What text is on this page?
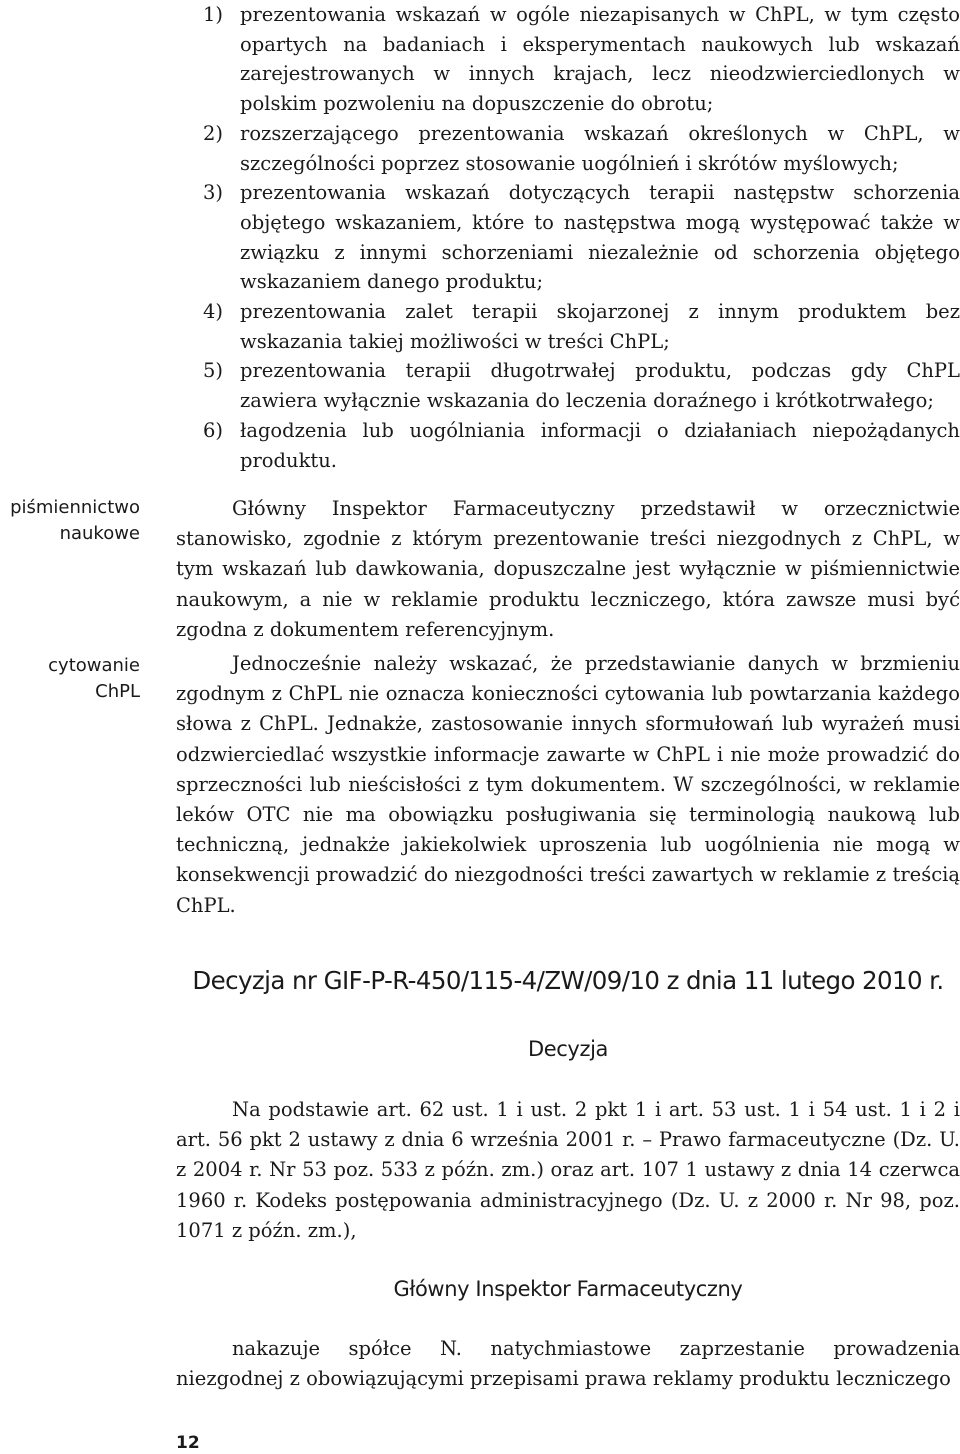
1) prezentowania wskazań w ogóle niezapisanych w ChPL, w tym często opartych na badaniach i eksperymentach naukowych lub wskazań zarejestrowanych w innych krajach, lecz nieodzwierciedlonych w polskim pozwoleniu na dopuszczenie do obrotu;
2) rozszerzającego prezentowania wskazań określonych w ChPL, w szczególności poprzez stosowanie uogólnień i skrótów myślowych;
3) prezentowania wskazań dotyczących terapii następstw schorzenia objętego wskazaniem, które to następstwa mogą występować także w związku z innymi schorzeniami niezależnie od schorzenia objętego wskazaniem danego produktu;
4) prezentowania zalet terapii skojarzonej z innym produktem bez wskazania takiej możliwości w treści ChPL;
5) prezentowania terapii długotrwałej produktu, podczas gdy ChPL zawiera wyłącznie wskazania do leczenia doraźnego i krótkotrwałego;
6) łagodzenia lub uogólniania informacji o działaniach niepożądanych produktu.
piśmiennictwo naukowe
cytowanie ChPL

Główny Inspektor Farmaceutyczny przedstawił w orzecznictwie stanowisko, zgodnie z którym prezentowanie treści niezgodnych z ChPL, w tym wskazań lub dawkowania, dopuszczalne jest wyłącznie w piśmiennictwie naukowym, a nie w reklamie produktu leczniczego, która zawsze musi być zgodna z dokumentem referencyjnym.

Jednocześnie należy wskazać, że przedstawianie danych w brzmieniu zgodnym z ChPL nie oznacza konieczności cytowania lub powtarzania każdego słowa z ChPL. Jednakże, zastosowanie innych sformułowań lub wyrażeń musi odzwierciedlać wszystkie informacje zawarte w ChPL i nie może prowadzić do sprzeczności lub nieścisłości z tym dokumentem. W szczególności, w reklamie leków OTC nie ma obowiązku posługiwania się terminologią naukową lub techniczną, jednakże jakiekolwiek uproszenia lub uogólnienia nie mogą w konsekwencji prowadzić do niezgodności treści zawartych w reklamie z treścią ChPL.

Decyzja nr GIF-P-R-450/115-4/ZW/09/10 z dnia 11 lutego 2010 r.
Decyzja

Na podstawie art. 62 ust. 1 i ust. 2 pkt 1 i art. 53 ust. 1 i 54 ust. 1 i 2 i art. 56 pkt 2 ustawy z dnia 6 września 2001 r. – Prawo farmaceutyczne (Dz. U. z 2004 r. Nr 53 poz. 533 z późn. zm.) oraz art. 107 1 ustawy z dnia 14 czerwca 1960 r. Kodeks postępowania administracyjnego (Dz. U. z 2000 r. Nr 98, poz. 1071 z późn. zm.),

Główny Inspektor Farmaceutyczny

nakazuje spółce N. natychmiastowe zaprzestanie prowadzenia niezgodnej z obowiązującymi przepisami prawa reklamy produktu leczniczego

12
